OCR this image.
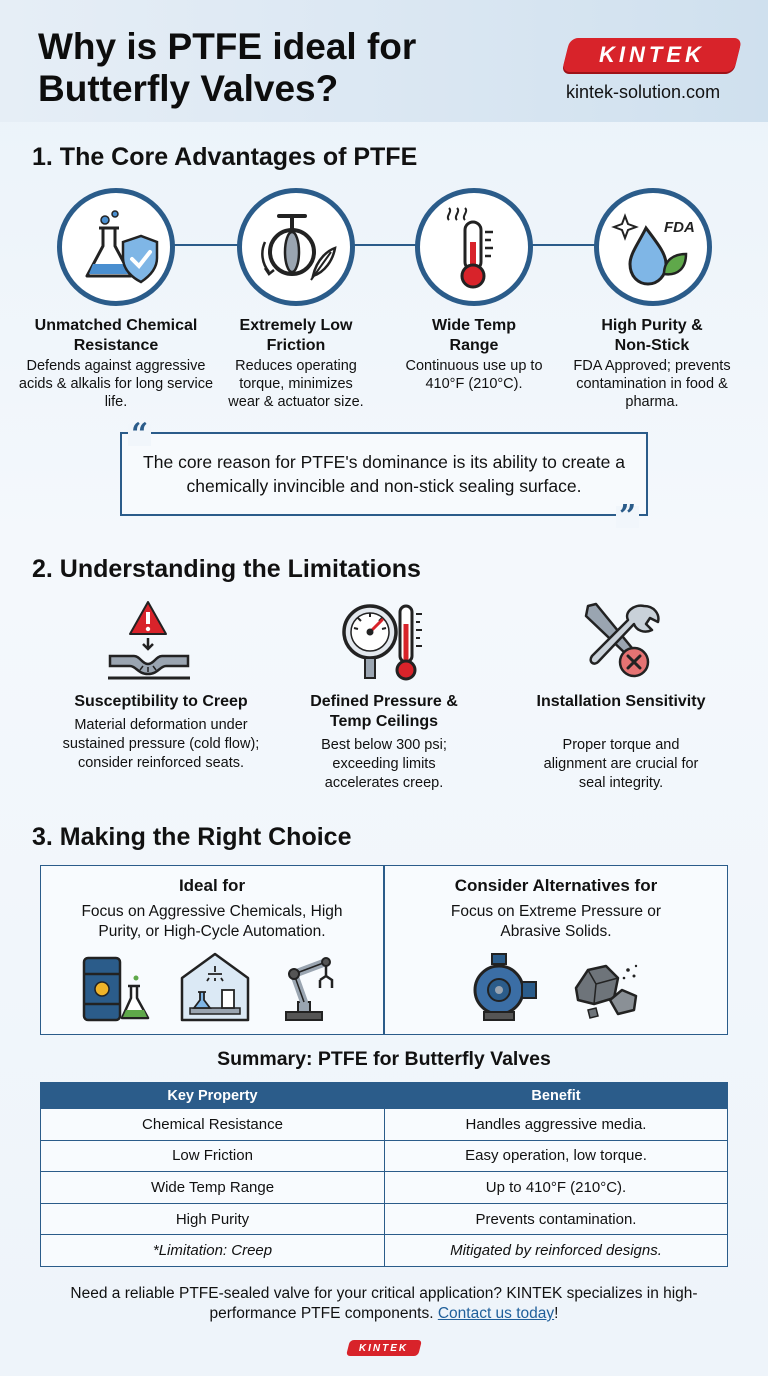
Why is PTFE ideal for Butterfly Valves?
KINTEK
kintek-solution.com
1. The Core Advantages of PTFE
FDA
Unmatched Chemical Resistance
Defends against aggressive acids & alkalis for long service life.
Extremely Low Friction
Reduces operating torque, minimizes wear & actuator size.
Wide Temp Range
Continuous use up to 410°F (210°C).
High Purity & Non-Stick
FDA Approved; prevents contamination in food & pharma.
The core reason for PTFE's dominance is its ability to create a chemically invincible and non-stick sealing surface.
“
”
2. Understanding the Limitations
Susceptibility to Creep
Material deformation under sustained pressure (cold flow); consider reinforced seats.
Defined Pressure & Temp Ceilings
Best below 300 psi; exceeding limits accelerates creep.
Installation Sensitivity
Proper torque and alignment are crucial for seal integrity.
3. Making the Right Choice
Ideal for
Focus on Aggressive Chemicals, High Purity, or High-Cycle Automation.
Consider Alternatives for
Focus on Extreme Pressure or Abrasive Solids.
Summary: PTFE for Butterfly Valves
Key Property	Benefit
Chemical Resistance	Handles aggressive media.
Low Friction	Easy operation, low torque.
Wide Temp Range	Up to 410°F (210°C).
High Purity	Prevents contamination.
*Limitation: Creep	Mitigated by reinforced designs.
Need a reliable PTFE-sealed valve for your critical application? KINTEK specializes in high-performance PTFE components. Contact us today!
KINTEK
